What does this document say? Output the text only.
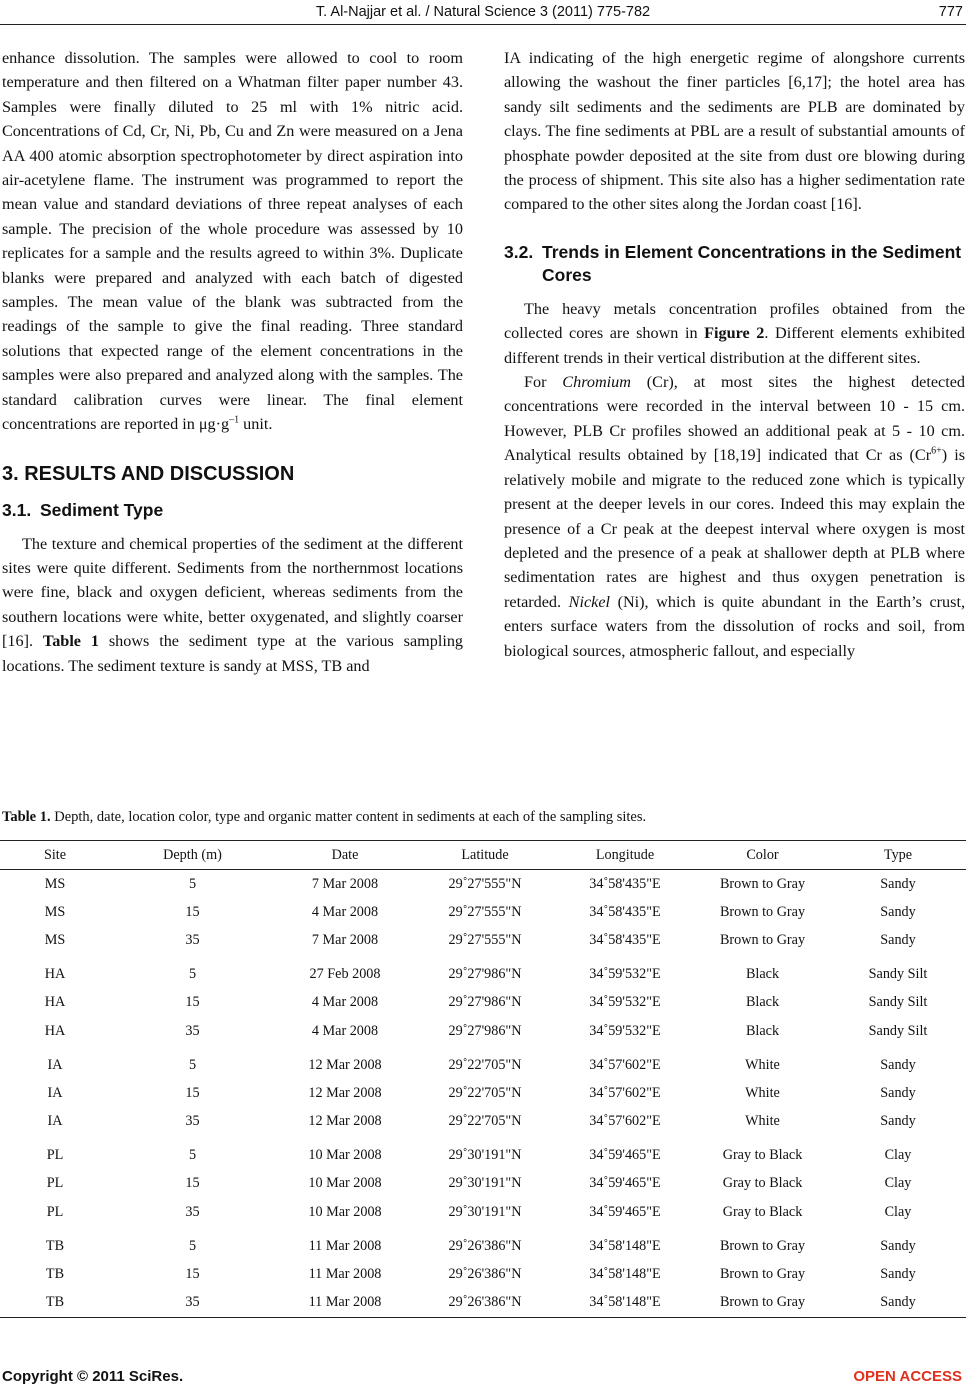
T. Al-Najjar et al. / Natural Science 3 (2011) 775-782	777

enhance dissolution. The samples were allowed to cool to room temperature and then filtered on a Whatman filter paper number 43. Samples were finally diluted to 25 ml with 1% nitric acid. Concentrations of Cd, Cr, Ni, Pb, Cu and Zn were measured on a Jena AA 400 atomic absorption spectrophotometer by direct aspiration into air-acetylene flame. The instrument was programmed to report the mean value and standard deviations of three repeat analyses of each sample. The precision of the whole procedure was assessed by 10 replicates for a sample and the results agreed to within 3%. Duplicate blanks were prepared and analyzed with each batch of digested samples. The mean value of the blank was subtracted from the readings of the sample to give the final reading. Three standard solutions that expected range of the element concentrations in the samples were also prepared and analyzed along with the samples. The standard calibration curves were linear. The final element concentrations are reported in $\mu g\cdot g^{-1}$ unit.

3. RESULTS AND DISCUSSION
3.1. Sediment Type

The texture and chemical properties of the sediment at the different sites were quite different. Sediments from the northernmost locations were fine, black and oxygen deficient, whereas sediments from the southern locations were white, better oxygenated, and slightly coarser [16]. Table 1 shows the sediment type at the various sampling locations. The sediment texture is sandy at MSS, TB and

IA indicating of the high energetic regime of alongshore currents allowing the washout the finer particles [6,17]; the hotel area has sandy silt sediments and the sediments are PLB are dominated by clays. The fine sediments at PBL are a result of substantial amounts of phosphate powder deposited at the site from dust ore blowing during the process of shipment. This site also has a higher sedimentation rate compared to the other sites along the Jordan coast [16].

3.2. Trends in Element Concentrations in the Sediment Cores

The heavy metals concentration profiles obtained from the collected cores are shown in Figure 2. Different elements exhibited different trends in their vertical distribution at the different sites.

For Chromium (Cr), at most sites the highest detected concentrations were recorded in the interval between 10 - 15 cm. However, PLB Cr profiles showed an additional peak at 5 - 10 cm. Analytical results obtained by [18,19] indicated that Cr as $(Cr^{6+})$ is relatively mobile and migrate to the reduced zone which is typically present at the deeper levels in our cores. Indeed this may explain the presence of a Cr peak at the deepest interval where oxygen is most depleted and the presence of a peak at shallower depth at PLB where sedimentation rates are highest and thus oxygen penetration is retarded. Nickel (Ni), which is quite abundant in the Earth’s crust, enters surface waters from the dissolution of rocks and soil, from biological sources, atmospheric fallout, and especially

Table 1. Depth, date, location color, type and organic matter content in sediments at each of the sampling sites.
Site	Depth (m)	Date	Latitude	Longitude	Color	Type
MS	5	7 Mar 2008	29˚27'555"N	34˚58'435"E	Brown to Gray	Sandy
MS	15	4 Mar 2008	29˚27'555"N	34˚58'435"E	Brown to Gray	Sandy
MS	35	7 Mar 2008	29˚27'555"N	34˚58'435"E	Brown to Gray	Sandy
HA	5	27 Feb 2008	29˚27'986"N	34˚59'532"E	Black	Sandy Silt
HA	15	4 Mar 2008	29˚27'986"N	34˚59'532"E	Black	Sandy Silt
HA	35	4 Mar 2008	29˚27'986"N	34˚59'532"E	Black	Sandy Silt
IA	5	12 Mar 2008	29˚22'705"N	34˚57'602"E	White	Sandy
IA	15	12 Mar 2008	29˚22'705"N	34˚57'602"E	White	Sandy
IA	35	12 Mar 2008	29˚22'705"N	34˚57'602"E	White	Sandy
PL	5	10 Mar 2008	29˚30'191"N	34˚59'465"E	Gray to Black	Clay
PL	15	10 Mar 2008	29˚30'191"N	34˚59'465"E	Gray to Black	Clay
PL	35	10 Mar 2008	29˚30'191"N	34˚59'465"E	Gray to Black	Clay
TB	5	11 Mar 2008	29˚26'386"N	34˚58'148"E	Brown to Gray	Sandy
TB	15	11 Mar 2008	29˚26'386"N	34˚58'148"E	Brown to Gray	Sandy
TB	35	11 Mar 2008	29˚26'386"N	34˚58'148"E	Brown to Gray	Sandy
Copyright © 2011 SciRes.	OPEN ACCESS
